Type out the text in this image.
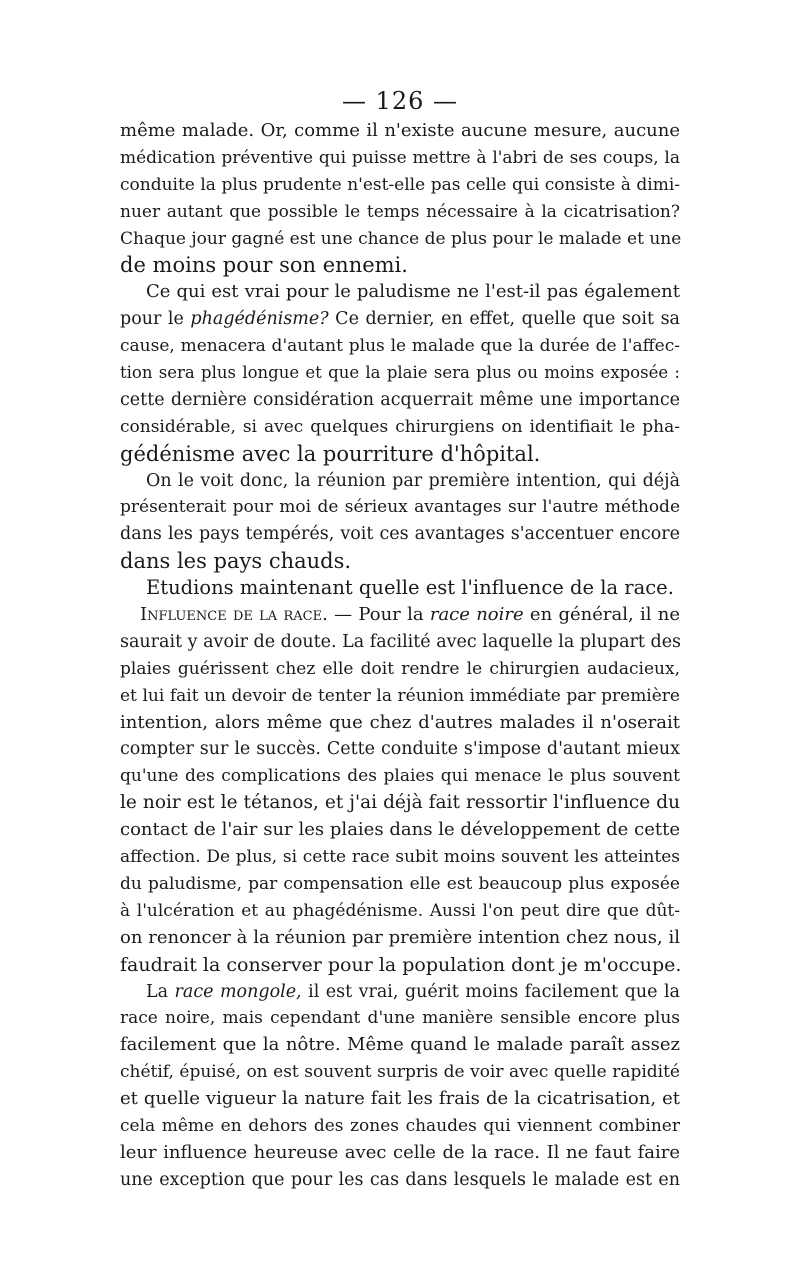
— 126 —
même malade. Or, comme il n'existe aucune mesure, aucune
médication préventive qui puisse mettre à l'abri de ses coups, la
conduite la plus prudente n'est-elle pas celle qui consiste à dimi-
nuer autant que possible le temps nécessaire à la cicatrisation?
Chaque jour gagné est une chance de plus pour le malade et une
de moins pour son ennemi.
Ce qui est vrai pour le paludisme ne l'est-il pas également
pour le phagédénisme? Ce dernier, en effet, quelle que soit sa
cause, menacera d'autant plus le malade que la durée de l'affec-
tion sera plus longue et que la plaie sera plus ou moins exposée :
cette dernière considération acquerrait même une importance
considérable, si avec quelques chirurgiens on identifiait le pha-
gédénisme avec la pourriture d'hôpital.
On le voit donc, la réunion par première intention, qui déjà
présenterait pour moi de sérieux avantages sur l'autre méthode
dans les pays tempérés, voit ces avantages s'accentuer encore
dans les pays chauds.
Etudions maintenant quelle est l'influence de la race.
Influence de la race. — Pour la race noire en général, il ne
saurait y avoir de doute. La facilité avec laquelle la plupart des
plaies guérissent chez elle doit rendre le chirurgien audacieux,
et lui fait un devoir de tenter la réunion immédiate par première
intention, alors même que chez d'autres malades il n'oserait
compter sur le succès. Cette conduite s'impose d'autant mieux
qu'une des complications des plaies qui menace le plus souvent
le noir est le tétanos, et j'ai déjà fait ressortir l'influence du
contact de l'air sur les plaies dans le développement de cette
affection. De plus, si cette race subit moins souvent les atteintes
du paludisme, par compensation elle est beaucoup plus exposée
à l'ulcération et au phagédénisme. Aussi l'on peut dire que dût-
on renoncer à la réunion par première intention chez nous, il
faudrait la conserver pour la population dont je m'occupe.
La race mongole, il est vrai, guérit moins facilement que la
race noire, mais cependant d'une manière sensible encore plus
facilement que la nôtre. Même quand le malade paraît assez
chétif, épuisé, on est souvent surpris de voir avec quelle rapidité
et quelle vigueur la nature fait les frais de la cicatrisation, et
cela même en dehors des zones chaudes qui viennent combiner
leur influence heureuse avec celle de la race. Il ne faut faire
une exception que pour les cas dans lesquels le malade est en
